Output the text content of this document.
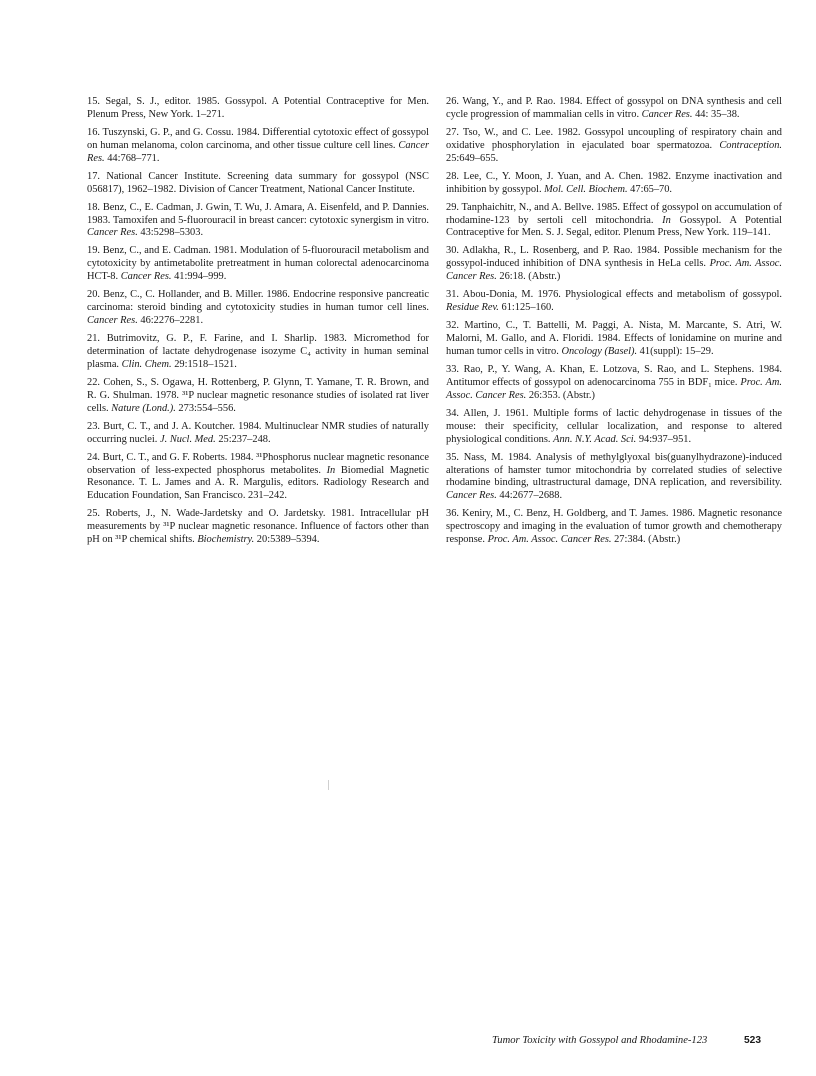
15. Segal, S. J., editor. 1985. Gossypol. A Potential Contraceptive for Men. Plenum Press, New York. 1–271.

16. Tuszynski, G. P., and G. Cossu. 1984. Differential cytotoxic effect of gossypol on human melanoma, colon carcinoma, and other tissue culture cell lines. Cancer Res. 44:768–771.

17. National Cancer Institute. Screening data summary for gossypol (NSC 056817), 1962–1982. Division of Cancer Treatment, National Cancer Institute.

18. Benz, C., E. Cadman, J. Gwin, T. Wu, J. Amara, A. Eisenfeld, and P. Dannies. 1983. Tamoxifen and 5-fluorouracil in breast cancer: cytotoxic synergism in vitro. Cancer Res. 43:5298–5303.

19. Benz, C., and E. Cadman. 1981. Modulation of 5-fluorouracil metabolism and cytotoxicity by antimetabolite pretreatment in human colorectal adenocarcinoma HCT-8. Cancer Res. 41:994–999.

20. Benz, C., C. Hollander, and B. Miller. 1986. Endocrine responsive pancreatic carcinoma: steroid binding and cytotoxicity studies in human tumor cell lines. Cancer Res. 46:2276–2281.

21. Butrimovitz, G. P., F. Farine, and I. Sharlip. 1983. Micromethod for determination of lactate dehydrogenase isozyme C₄ activity in human seminal plasma. Clin. Chem. 29:1518–1521.

22. Cohen, S., S. Ogawa, H. Rottenberg, P. Glynn, T. Yamane, T. R. Brown, and R. G. Shulman. 1978. ³¹P nuclear magnetic resonance studies of isolated rat liver cells. Nature (Lond.). 273:554–556.

23. Burt, C. T., and J. A. Koutcher. 1984. Multinuclear NMR studies of naturally occurring nuclei. J. Nucl. Med. 25:237–248.

24. Burt, C. T., and G. F. Roberts. 1984. ³¹Phosphorus nuclear magnetic resonance observation of less-expected phosphorus metabolites. In Biomedial Magnetic Resonance. T. L. James and A. R. Margulis, editors. Radiology Research and Education Foundation, San Francisco. 231–242.

25. Roberts, J., N. Wade-Jardetsky and O. Jardetsky. 1981. Intracellular pH measurements by ³¹P nuclear magnetic resonance. Influence of factors other than pH on ³¹P chemical shifts. Biochemistry. 20:5389–5394.

26. Wang, Y., and P. Rao. 1984. Effect of gossypol on DNA synthesis and cell cycle progression of mammalian cells in vitro. Cancer Res. 44: 35–38.

27. Tso, W., and C. Lee. 1982. Gossypol uncoupling of respiratory chain and oxidative phosphorylation in ejaculated boar spermatozoa. Contraception. 25:649–655.

28. Lee, C., Y. Moon, J. Yuan, and A. Chen. 1982. Enzyme inactivation and inhibition by gossypol. Mol. Cell. Biochem. 47:65–70.

29. Tanphaichitr, N., and A. Bellve. 1985. Effect of gossypol on accumulation of rhodamine-123 by sertoli cell mitochondria. In Gossypol. A Potential Contraceptive for Men. S. J. Segal, editor. Plenum Press, New York. 119–141.

30. Adlakha, R., L. Rosenberg, and P. Rao. 1984. Possible mechanism for the gossypol-induced inhibition of DNA synthesis in HeLa cells. Proc. Am. Assoc. Cancer Res. 26:18. (Abstr.)

31. Abou-Donia, M. 1976. Physiological effects and metabolism of gossypol. Residue Rev. 61:125–160.

32. Martino, C., T. Battelli, M. Paggi, A. Nista, M. Marcante, S. Atri, W. Malorni, M. Gallo, and A. Floridi. 1984. Effects of lonidamine on murine and human tumor cells in vitro. Oncology (Basel). 41(suppl): 15–29.

33. Rao, P., Y. Wang, A. Khan, E. Lotzova, S. Rao, and L. Stephens. 1984. Antitumor effects of gossypol on adenocarcinoma 755 in BDF₁ mice. Proc. Am. Assoc. Cancer Res. 26:353. (Abstr.)

34. Allen, J. 1961. Multiple forms of lactic dehydrogenase in tissues of the mouse: their specificity, cellular localization, and response to altered physiological conditions. Ann. N.Y. Acad. Sci. 94:937–951.

35. Nass, M. 1984. Analysis of methylglyoxal bis(guanylhydrazone)-induced alterations of hamster tumor mitochondria by correlated studies of selective rhodamine binding, ultrastructural damage, DNA replication, and reversibility. Cancer Res. 44:2677–2688.

36. Keniry, M., C. Benz, H. Goldberg, and T. James. 1986. Magnetic resonance spectroscopy and imaging in the evaluation of tumor growth and chemotherapy response. Proc. Am. Assoc. Cancer Res. 27:384. (Abstr.)

Tumor Toxicity with Gossypol and Rhodamine-123	523
